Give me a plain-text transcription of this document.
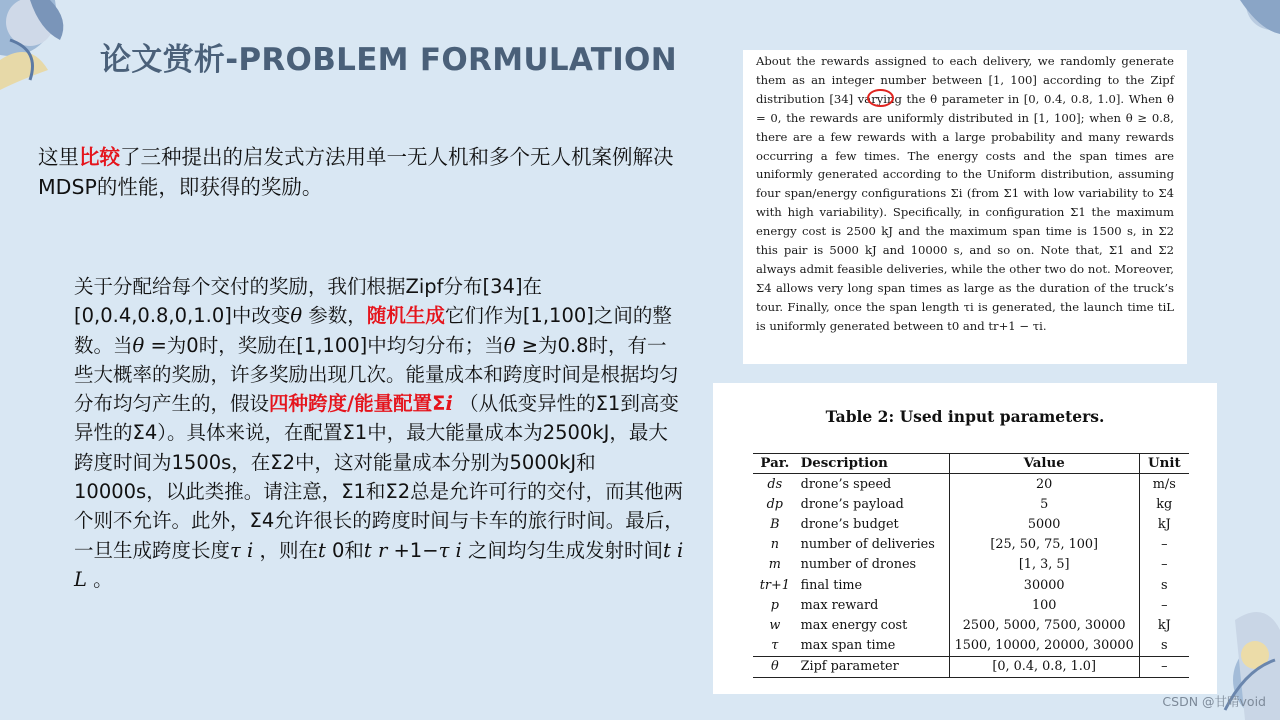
论文赏析-PROBLEM FORMULATION
这里比较了三种提出的启发式方法用单一无人机和多个无人机案例解决MDSP的性能，即获得的奖励。
关于分配给每个交付的奖励，我们根据Zipf分布[34]在[0,0.4,0.8,0,1.0]中改变θ 参数，随机生成它们作为[1,100]之间的整数。当θ =为0时，奖励在[1,100]中均匀分布；当θ ≥为0.8时，有一些大概率的奖励，许多奖励出现几次。能量成本和跨度时间是根据均匀分布均匀产生的，假设四种跨度/能量配置Σi （从低变异性的Σ1到高变异性的Σ4）。具体来说，在配置Σ1中，最大能量成本为2500kJ，最大跨度时间为1500s，在Σ2中，这对能量成本分别为5000kJ和10000s，以此类推。请注意，Σ1和Σ2总是允许可行的交付，而其他两个则不允许。此外，Σ4允许很长的跨度时间与卡车的旅行时间。最后，一旦生成跨度长度τ i ，则在t 0和t r +1−τ i 之间均匀生成发射时间t i L 。

About the rewards assigned to each delivery, we randomly generate them as an integer number between [1, 100] according to the Zipf distribution [34] varying the θ parameter in [0, 0.4, 0.8, 1.0]. When θ = 0, the rewards are uniformly distributed in [1, 100]; when θ ≥ 0.8, there are a few rewards with a large probability and many rewards occurring a few times. The energy costs and the span times are uniformly generated according to the Uniform distribution, assuming four span/energy configurations Σi (from Σ1 with low variability to Σ4 with high variability). Specifically, in configuration Σ1 the maximum energy cost is 2500 kJ and the maximum span time is 1500 s, in Σ2 this pair is 5000 kJ and 10000 s, and so on. Note that, Σ1 and Σ2 always admit feasible deliveries, while the other two do not. Moreover, Σ4 allows very long span times as large as the duration of the truck’s tour. Finally, once the span length τi is generated, the launch time tiL is uniformly generated between t0 and tr+1 − τi.

Table 2: Used input parameters.
Par.	Description	Value	Unit
ds	drone’s speed	20	m/s
dp	drone’s payload	5	kg
B	drone’s budget	5000	kJ
n	number of deliveries	[25, 50, 75, 100]	–
m	number of drones	[1, 3, 5]	–
tr+1	final time	30000	s
p	max reward	100	–
w	max energy cost	2500, 5000, 7500, 30000	kJ
τ	max span time	1500, 10000, 20000, 30000	s
θ	Zipf parameter	[0, 0.4, 0.8, 1.0]	–
CSDN @甘晴void
